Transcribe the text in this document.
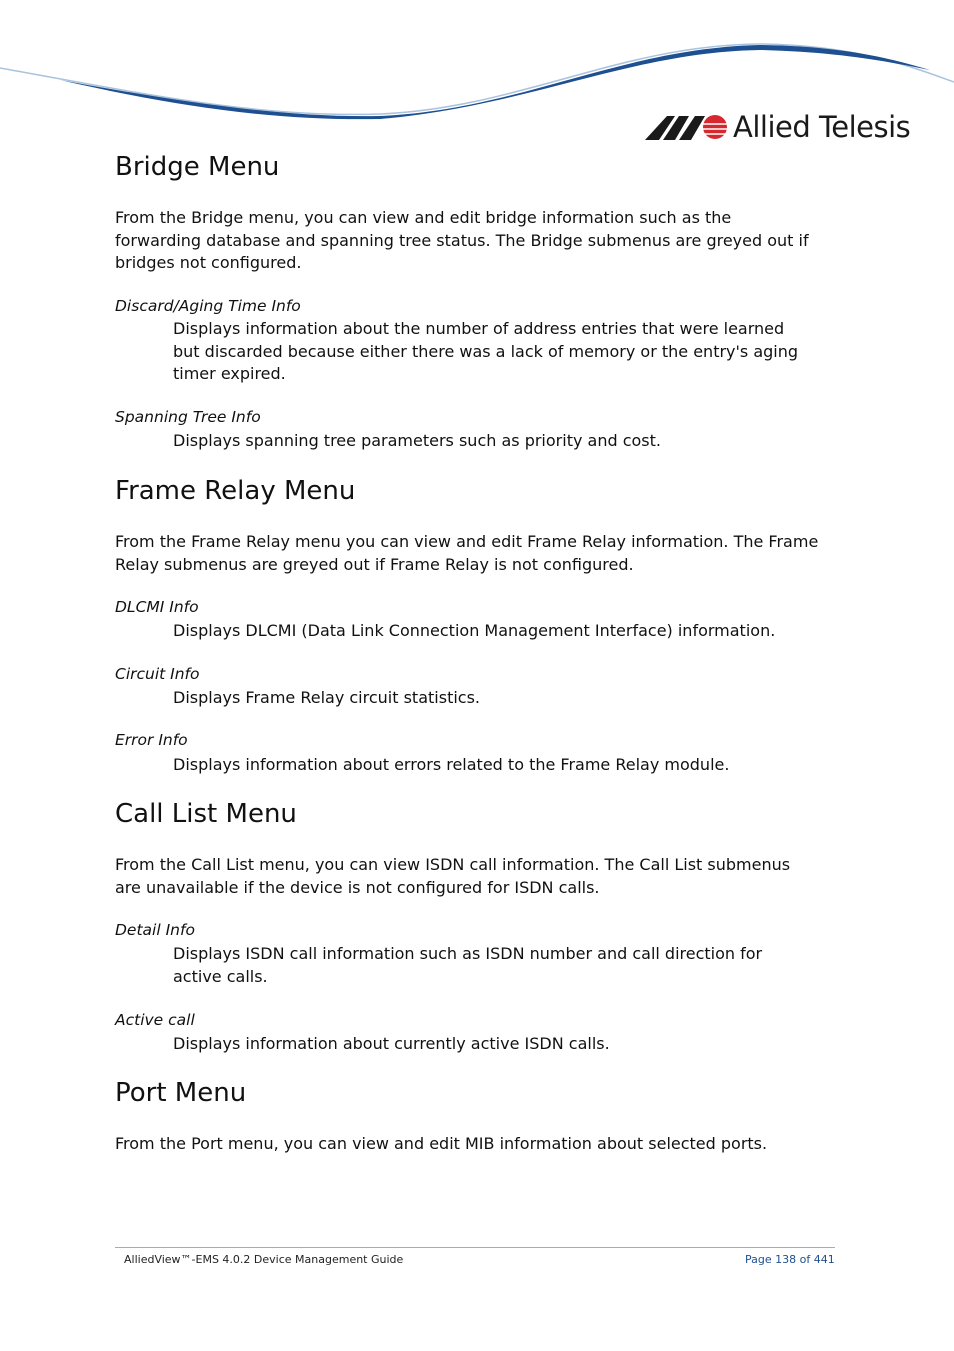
Allied Telesis
Bridge Menu

From the Bridge menu, you can view and edit bridge information such as the forwarding database and spanning tree status. The Bridge submenus are greyed out if bridges not configured.

Discard/Aging Time Info

Displays information about the number of address entries that were learned but discarded because either there was a lack of memory or the entry's aging timer expired.

Spanning Tree Info

Displays spanning tree parameters such as priority and cost.

Frame Relay Menu

From the Frame Relay menu you can view and edit Frame Relay information. The Frame Relay submenus are greyed out if Frame Relay is not configured.

DLCMI Info

Displays DLCMI (Data Link Connection Management Interface) information.

Circuit Info

Displays Frame Relay circuit statistics.

Error Info

Displays information about errors related to the Frame Relay module.

Call List Menu

From the Call List menu, you can view ISDN call information. The Call List submenus are unavailable if the device is not configured for ISDN calls.

Detail Info

Displays ISDN call information such as ISDN number and call direction for active calls.

Active call

Displays information about currently active ISDN calls.

Port Menu

From the Port menu, you can view and edit MIB information about selected ports.

AlliedView™-EMS 4.0.2 Device Management Guide	Page 138 of 441
